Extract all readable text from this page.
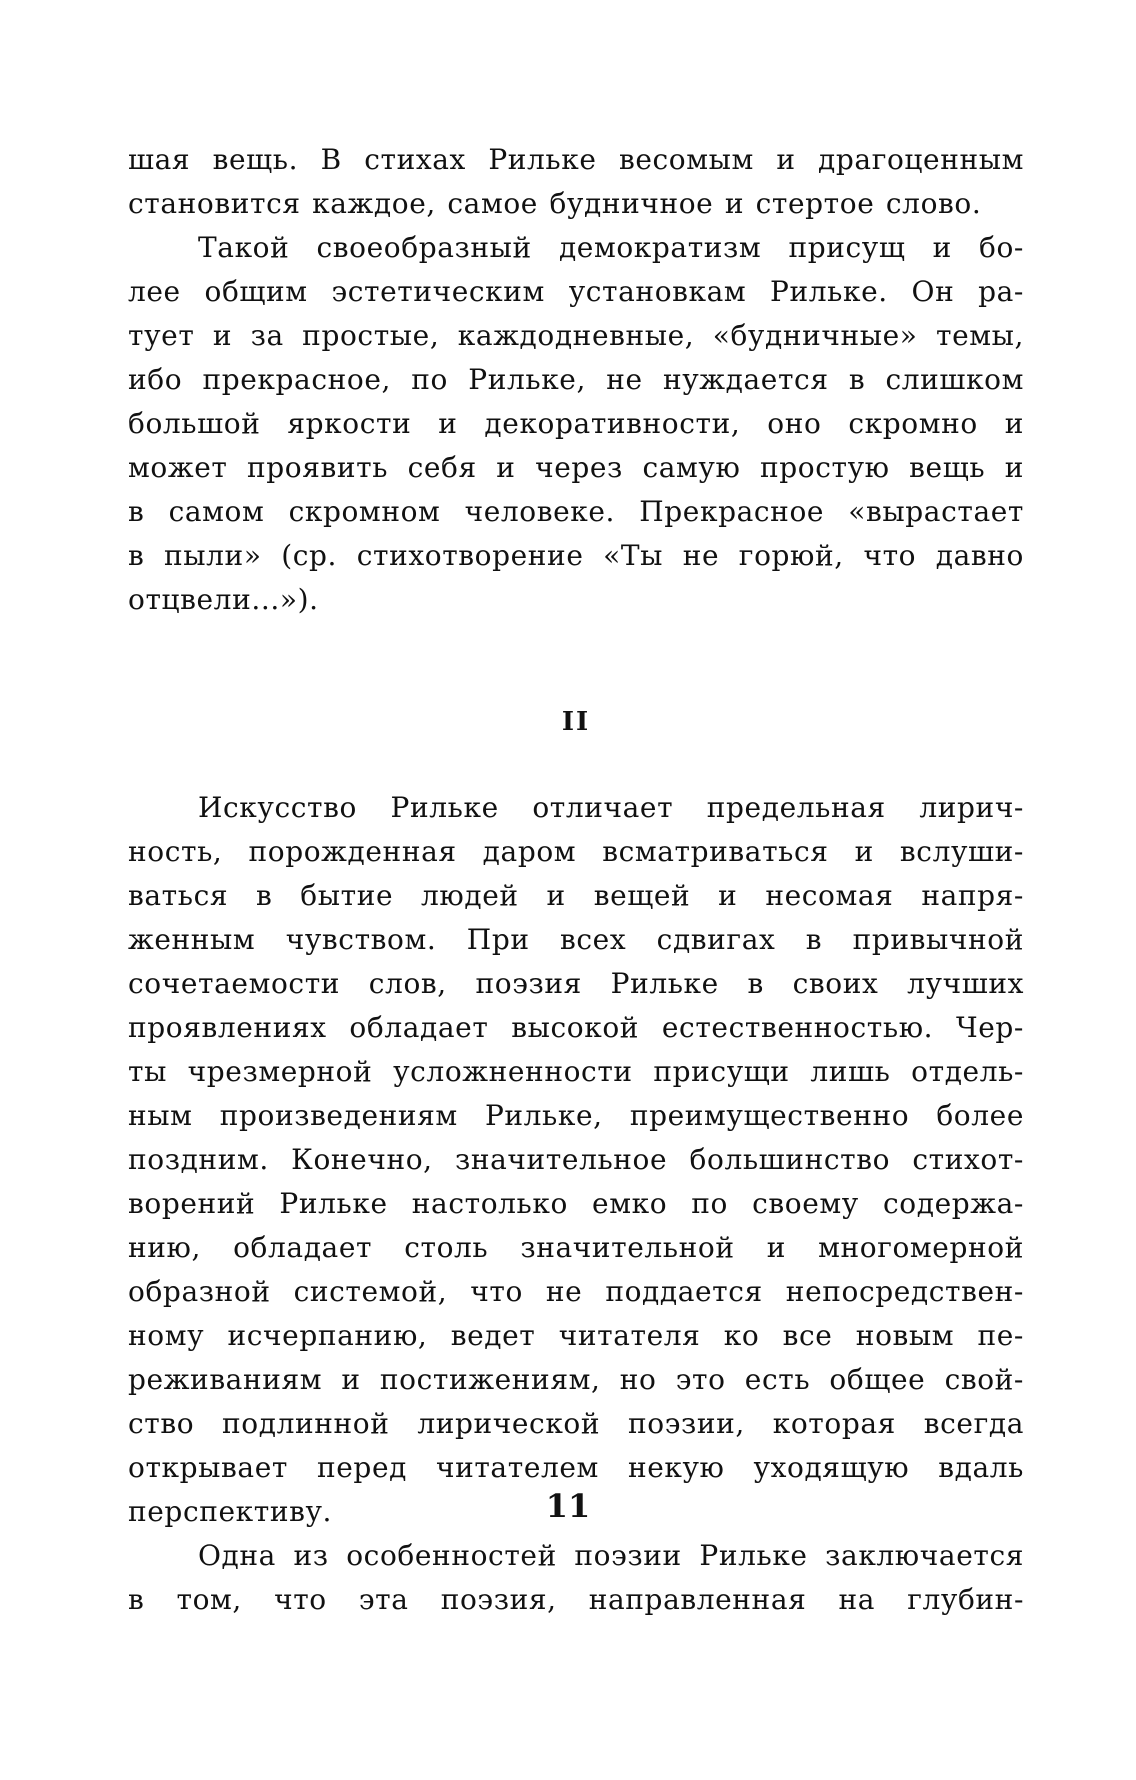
шая вещь. В стихах Рильке весомым и драгоценным
становится каждое, самое будничное и стертое слово.
Такой своеобразный демократизм присущ и бо-
лее общим эстетическим установкам Рильке. Он ра-
тует и за простые, каждодневные, «будничные» темы,
ибо прекрасное, по Рильке, не нуждается в слишком
большой яркости и декоративности, оно скромно и
может проявить себя и через самую простую вещь и
в самом скромном человеке. Прекрасное «вырастает
в пыли» (ср. стихотворение «Ты не горюй, что давно
отцвели...»).
II
Искусство Рильке отличает предельная лирич-
ность, порожденная даром всматриваться и вслуши-
ваться в бытие людей и вещей и несомая напря-
женным чувством. При всех сдвигах в привычной
сочетаемости слов, поэзия Рильке в своих лучших
проявлениях обладает высокой естественностью. Чер-
ты чрезмерной усложненности присущи лишь отдель-
ным произведениям Рильке, преимущественно более
поздним. Конечно, значительное большинство стихот-
ворений Рильке настолько емко по своему содержа-
нию, обладает столь значительной и многомерной
образной системой, что не поддается непосредствен-
ному исчерпанию, ведет читателя ко все новым пе-
реживаниям и постижениям, но это есть общее свой-
ство подлинной лирической поэзии, которая всегда
открывает перед читателем некую уходящую вдаль
перспективу.
Одна из особенностей поэзии Рильке заключается
в том, что эта поэзия, направленная на глубин-
11
